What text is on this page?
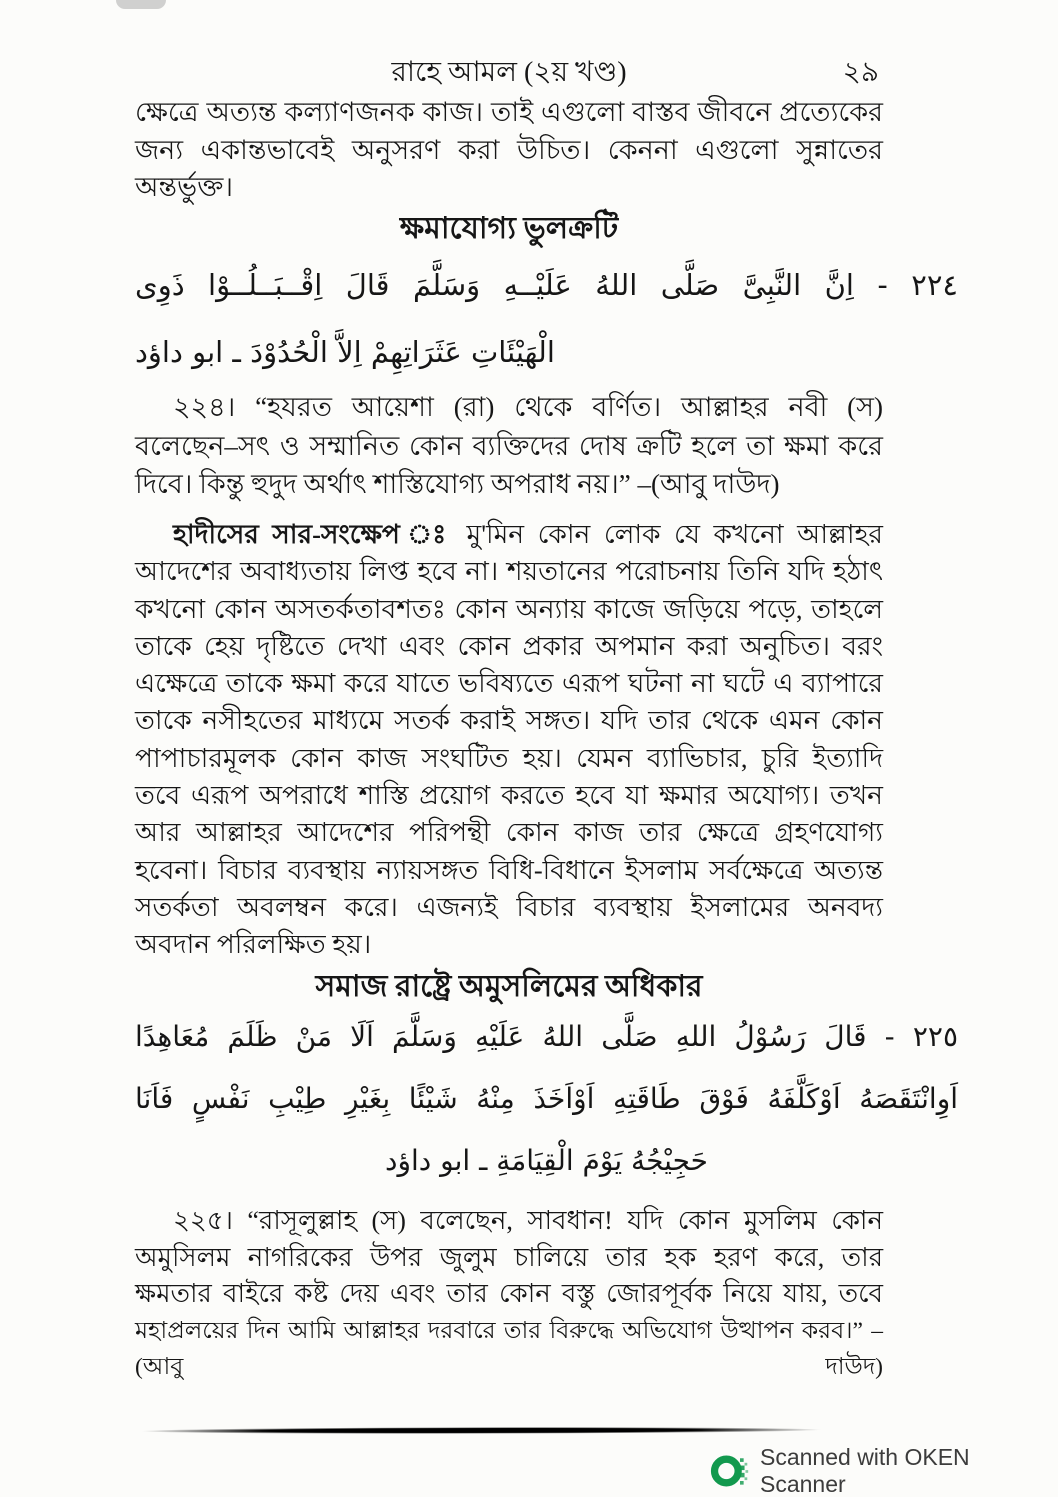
রাহে আমল (২য় খণ্ড)	২৯
ক্ষেত্রে অত্যন্ত কল্যাণজনক কাজ। তাই এগুলো বাস্তব জীবনে প্রত্যেকের
জন্য একান্তভাবেই অনুসরণ করা উচিত। কেননা এগুলো সুন্নাতের
অন্তর্ভুক্ত।
ক্ষমাযোগ্য ভুলক্রটি
٢٢٤ - اِنَّ النَّبِىَّ صَلَّى اللهُ عَلَيْــهِ وَسَلَّمَ قَالَ اِقْــبَــلُــوْا ذَوِى
الْهَيْئَاتِ عَثَرَاتِهِمْ اِلاَّ الْحُدُوْدَ ـ ابو داؤد
২২৪। “হযরত আয়েশা (রা) থেকে বর্ণিত। আল্লাহর নবী (স)
বলেছেন–সৎ ও সম্মানিত কোন ব্যক্তিদের দোষ ক্রটি হলে তা ক্ষমা করে
দিবে। কিন্তু হুদুদ অর্থাৎ শাস্তিযোগ্য অপরাধ নয়।” –(আবু দাউদ)
হাদীসের সার-সংক্ষেপ ঃ মু'মিন কোন লোক যে কখনো আল্লাহর
আদেশের অবাধ্যতায় লিপ্ত হবে না। শয়তানের পরোচনায় তিনি যদি হঠাৎ
কখনো কোন অসতর্কতাবশতঃ কোন অন্যায় কাজে জড়িয়ে পড়ে, তাহলে
তাকে হেয় দৃষ্টিতে দেখা এবং কোন প্রকার অপমান করা অনুচিত। বরং
এক্ষেত্রে তাকে ক্ষমা করে যাতে ভবিষ্যতে এরূপ ঘটনা না ঘটে এ ব্যাপারে
তাকে নসীহতের মাধ্যমে সতর্ক করাই সঙ্গত। যদি তার থেকে এমন কোন
পাপাচারমূলক কোন কাজ সংঘটিত হয়। যেমন ব্যাভিচার, চুরি ইত্যাদি
তবে এরূপ অপরাধে শাস্তি প্রয়োগ করতে হবে যা ক্ষমার অযোগ্য। তখন
আর আল্লাহর আদেশের পরিপন্থী কোন কাজ তার ক্ষেত্রে গ্রহণযোগ্য
হবেনা। বিচার ব্যবস্থায় ন্যায়সঙ্গত বিধি-বিধানে ইসলাম সর্বক্ষেত্রে অত্যন্ত
সতর্কতা অবলম্বন করে। এজন্যই বিচার ব্যবস্থায় ইসলামের অনবদ্য
অবদান পরিলক্ষিত হয়।
সমাজ রাষ্ট্রে অমুসলিমের অধিকার
٢٢٥ - قَالَ رَسُوْلُ اللهِ صَلَّى اللهُ عَلَيْهِ وَسَلَّمَ اَلَا مَنْ ظَلَمَ مُعَاهِدًا
اَوِانْتَقَصَهُ اَوْكَلَّفَهُ فَوْقَ طَاقَتِهِ اَوْاَخَذَ مِنْهُ شَيْئًا بِغَيْرِ طِيْبِ نَفْسٍ فَاَنَا
حَجِيْجُهُ يَوْمَ الْقِيَامَةِ ـ ابو داؤد
২২৫। “রাসূলুল্লাহ (স) বলেছেন, সাবধান! যদি কোন মুসলিম কোন
অমুসিলম নাগরিকের উপর জুলুম চালিয়ে তার হক হরণ করে, তার
ক্ষমতার বাইরে কষ্ট দেয় এবং তার কোন বস্তু জোরপূর্বক নিয়ে যায়, তবে
মহাপ্রলয়ের দিন আমি আল্লাহর দরবারে তার বিরুদ্ধে অভিযোগ উত্থাপন করব।” –(আবু দাউদ)
Scanned with OKEN Scanner
